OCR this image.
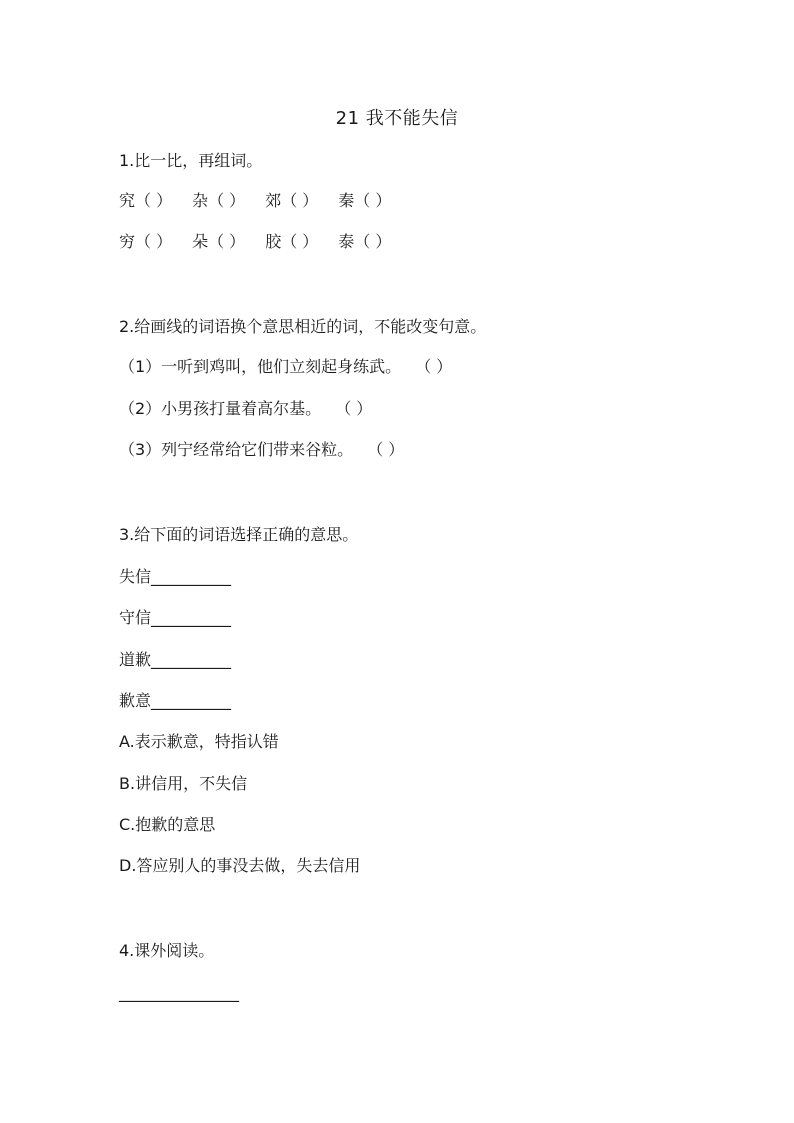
21 我不能失信
1.比一比，再组词。
究（ ） 杂（ ） 郊（ ） 秦（ ）
穷（ ） 朵（ ） 胶（ ） 泰（ ）
2.给画线的词语换个意思相近的词，不能改变句意。
（1）一听到鸡叫，他们立刻起身练武。 （ ）
（2）小男孩打量着高尔基。 （ ）
（3）列宁经常给它们带来谷粒。 （ ）
3.给下面的词语选择正确的意思。
失信__________
守信__________
道歉__________
歉意__________
A.表示歉意，特指认错
B.讲信用，不失信
C.抱歉的意思
D.答应别人的事没去做，失去信用
4.课外阅读。
_______________
